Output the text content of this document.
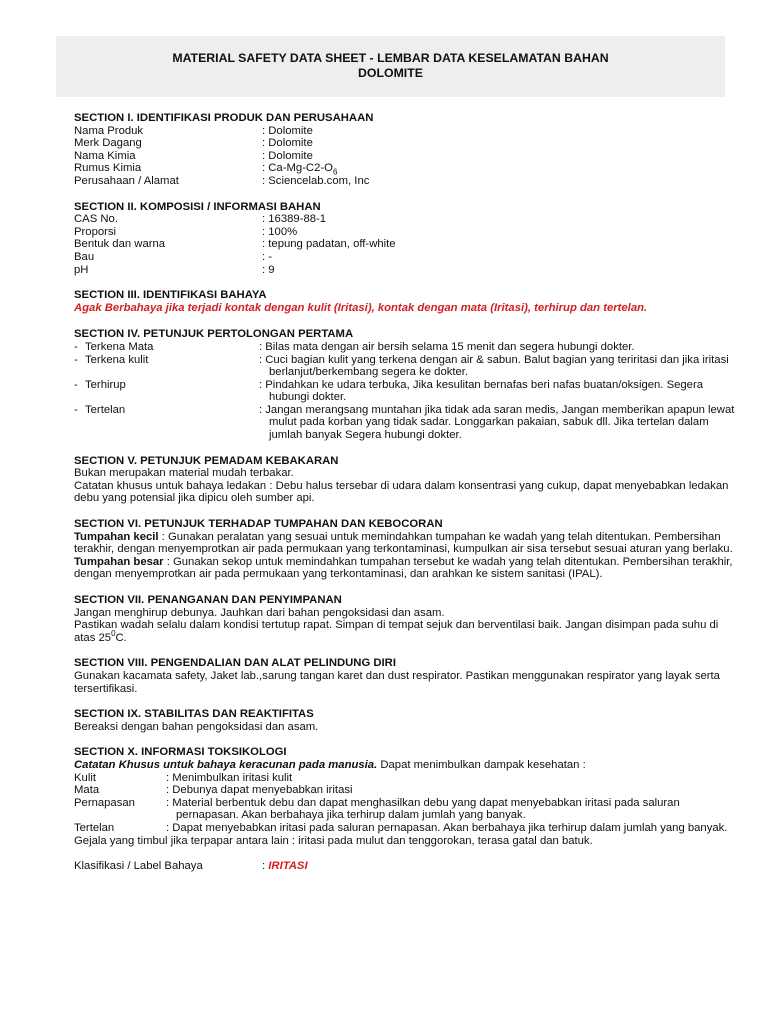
MATERIAL SAFETY DATA SHEET - LEMBAR DATA KESELAMATAN BAHAN
DOLOMITE
SECTION I. IDENTIFIKASI PRODUK DAN PERUSAHAAN
Nama Produk	: Dolomite
Merk Dagang	: Dolomite
Nama Kimia	: Dolomite
Rumus Kimia	: $Ca-Mg-C2-O_6$
Perusahaan / Alamat	: Sciencelab.com, Inc
SECTION II. KOMPOSISI / INFORMASI BAHAN
CAS No.	: 16389-88-1
Proporsi	: 100%
Bentuk dan warna	: tepung padatan, off-white
Bau	: -
pH	: 9
SECTION III. IDENTIFIKASI BAHAYA
Agak Berbahaya jika terjadi kontak dengan kulit (Iritasi), kontak dengan mata (Iritasi), terhirup dan tertelan.
SECTION IV. PETUNJUK PERTOLONGAN PERTAMA
- Terkena Mata	: Bilas mata dengan air bersih selama 15 menit dan segera hubungi dokter.
- Terkena kulit	: Cuci bagian kulit yang terkena dengan air & sabun. Balut bagian yang teriritasi dan jika iritasi berlanjut/berkembang segera ke dokter.
- Terhirup	: Pindahkan ke udara terbuka, Jika kesulitan bernafas beri nafas buatan/oksigen. Segera hubungi dokter.
- Tertelan	: Jangan merangsang muntahan jika tidak ada saran medis, Jangan memberikan apapun lewat mulut pada korban yang tidak sadar. Longgarkan pakaian, sabuk dll. Jika tertelan dalam jumlah banyak Segera hubungi dokter.
SECTION V. PETUNJUK PEMADAM KEBAKARAN
Bukan merupakan material mudah terbakar.
Catatan khusus untuk bahaya ledakan : Debu halus tersebar di udara dalam konsentrasi yang cukup, dapat menyebabkan ledakan debu yang potensial jika dipicu oleh sumber api.
SECTION VI. PETUNJUK TERHADAP TUMPAHAN DAN KEBOCORAN
Tumpahan kecil : Gunakan peralatan yang sesuai untuk memindahkan tumpahan ke wadah yang telah ditentukan. Pembersihan terakhir, dengan menyemprotkan air pada permukaan yang terkontaminasi, kumpulkan air sisa tersebut sesuai aturan yang berlaku.
Tumpahan besar : Gunakan sekop untuk memindahkan tumpahan tersebut ke wadah yang telah ditentukan. Pembersihan terakhir, dengan menyemprotkan air pada permukaan yang terkontaminasi, dan arahkan ke sistem sanitasi (IPAL).
SECTION VII. PENANGANAN DAN PENYIMPANAN
Jangan menghirup debunya. Jauhkan dari bahan pengoksidasi dan asam.
Pastikan wadah selalu dalam kondisi tertutup rapat. Simpan di tempat sejuk dan berventilasi baik. Jangan disimpan pada suhu di atas $25^0C$.
SECTION VIII. PENGENDALIAN DAN ALAT PELINDUNG DIRI
Gunakan kacamata safety, Jaket lab.,sarung tangan karet dan dust respirator. Pastikan menggunakan respirator yang layak serta tersertifikasi.
SECTION IX. STABILITAS DAN REAKTIFITAS
Bereaksi dengan bahan pengoksidasi dan asam.
SECTION X. INFORMASI TOKSIKOLOGI
Catatan Khusus untuk bahaya keracunan pada manusia. Dapat menimbulkan dampak kesehatan :
Kulit	: Menimbulkan iritasi kulit
Mata	: Debunya dapat menyebabkan iritasi
Pernapasan	: Material berbentuk debu dan dapat menghasilkan debu yang dapat menyebabkan iritasi pada saluran pernapasan. Akan berbahaya jika terhirup dalam jumlah yang banyak.
Tertelan	: Dapat menyebabkan iritasi pada saluran pernapasan. Akan berbahaya jika terhirup dalam jumlah yang banyak.
Gejala yang timbul jika terpapar antara lain : iritasi pada mulut dan tenggorokan, terasa gatal dan batuk.
Klasifikasi / Label Bahaya	: IRITASI
